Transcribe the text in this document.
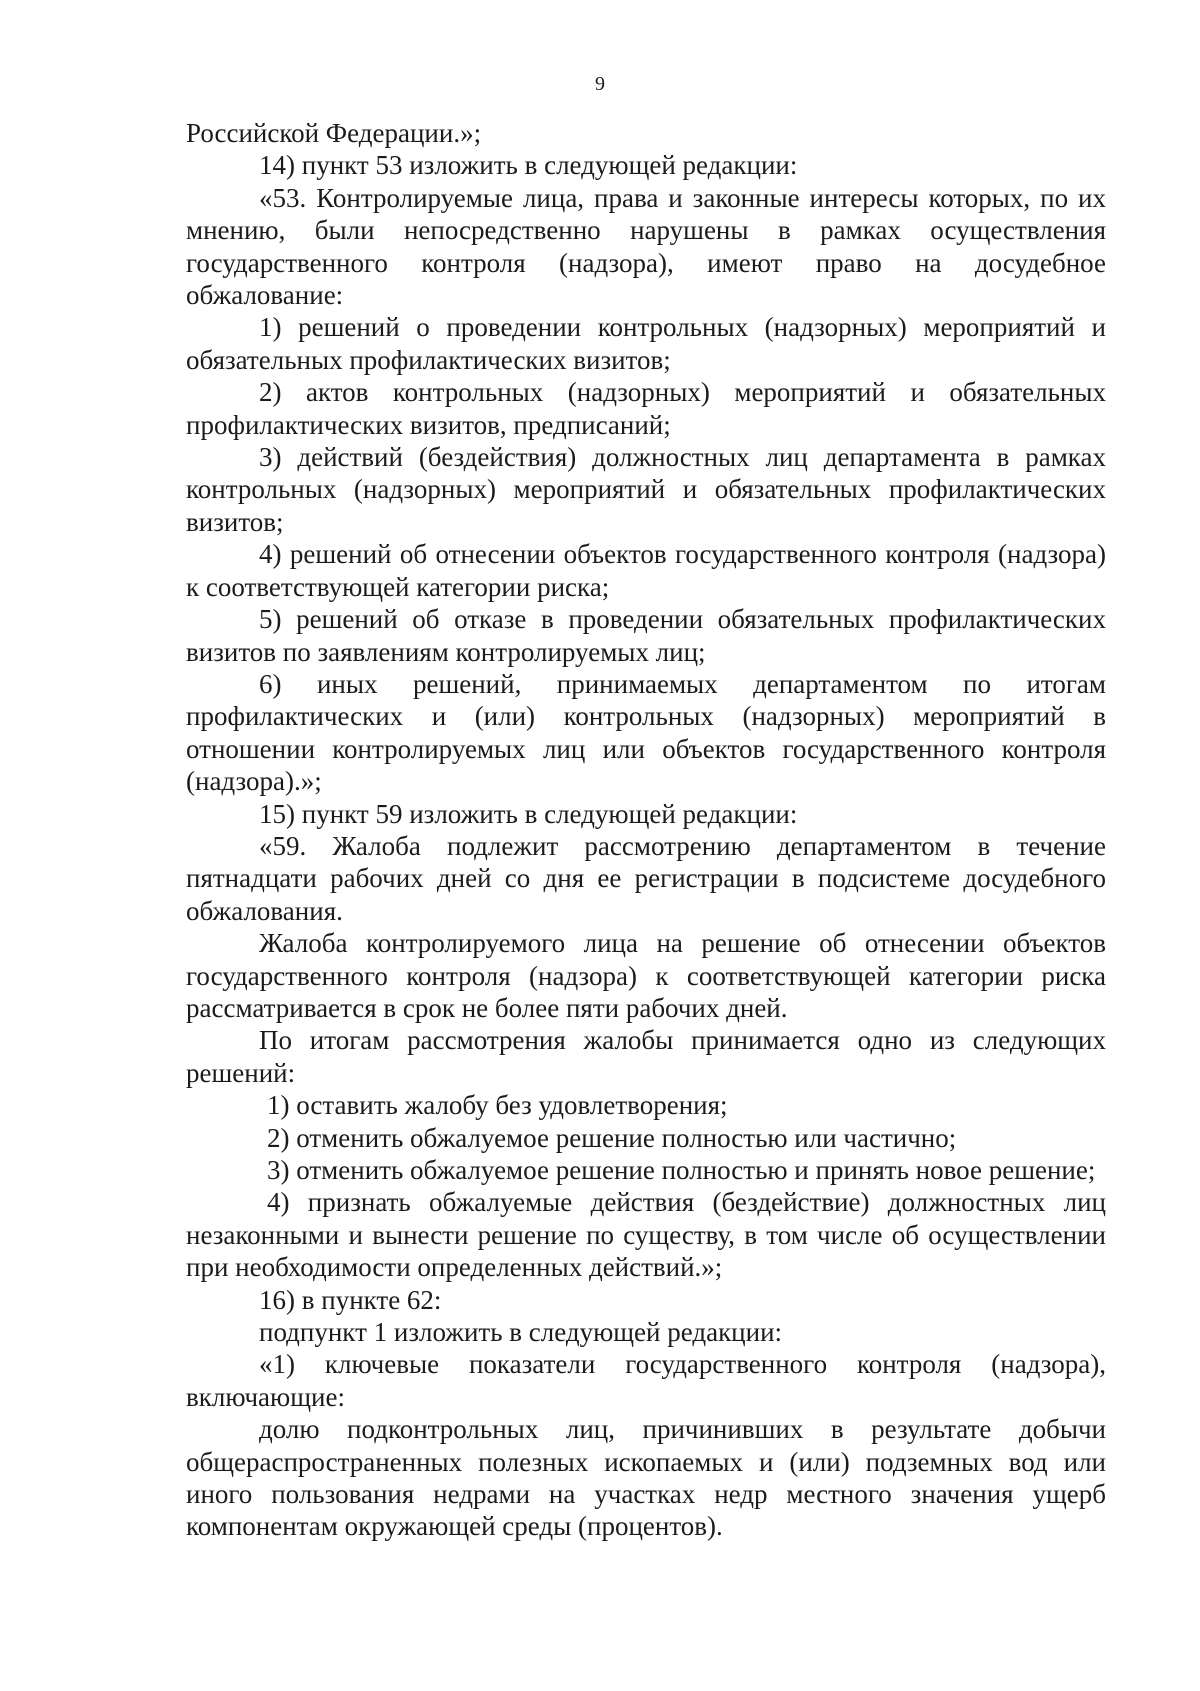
9

Российской Федерации.»;

14) пункт 53 изложить в следующей редакции:

«53. Контролируемые лица, права и законные интересы которых, по их мнению, были непосредственно нарушены в рамках осуществления государственного контроля (надзора), имеют право на досудебное обжалование:

1) решений о проведении контрольных (надзорных) мероприятий и обязательных профилактических визитов;

2) актов контрольных (надзорных) мероприятий и обязательных профилактических визитов, предписаний;

3) действий (бездействия) должностных лиц департамента в рамках контрольных (надзорных) мероприятий и обязательных профилактических визитов;

4) решений об отнесении объектов государственного контроля (надзора) к соответствующей категории риска;

5) решений об отказе в проведении обязательных профилактических визитов по заявлениям контролируемых лиц;

6) иных решений, принимаемых департаментом по итогам профилактических и (или) контрольных (надзорных) мероприятий в отношении контролируемых лиц или объектов государственного контроля (надзора).»;

15) пункт 59 изложить в следующей редакции:

«59. Жалоба подлежит рассмотрению департаментом в течение пятнадцати рабочих дней со дня ее регистрации в подсистеме досудебного обжалования.

Жалоба контролируемого лица на решение об отнесении объектов государственного контроля (надзора) к соответствующей категории риска рассматривается в срок не более пяти рабочих дней.

По итогам рассмотрения жалобы принимается одно из следующих решений:

1) оставить жалобу без удовлетворения;

2) отменить обжалуемое решение полностью или частично;

3) отменить обжалуемое решение полностью и принять новое решение;

4) признать обжалуемые действия (бездействие) должностных лиц незаконными и вынести решение по существу, в том числе об осуществлении при необходимости определенных действий.»;

16) в пункте 62:

подпункт 1 изложить в следующей редакции:

«1) ключевые показатели государственного контроля (надзора), включающие:

долю подконтрольных лиц, причинивших в результате добычи общераспространенных полезных ископаемых и (или) подземных вод или иного пользования недрами на участках недр местного значения ущерб компонентам окружающей среды (процентов).
